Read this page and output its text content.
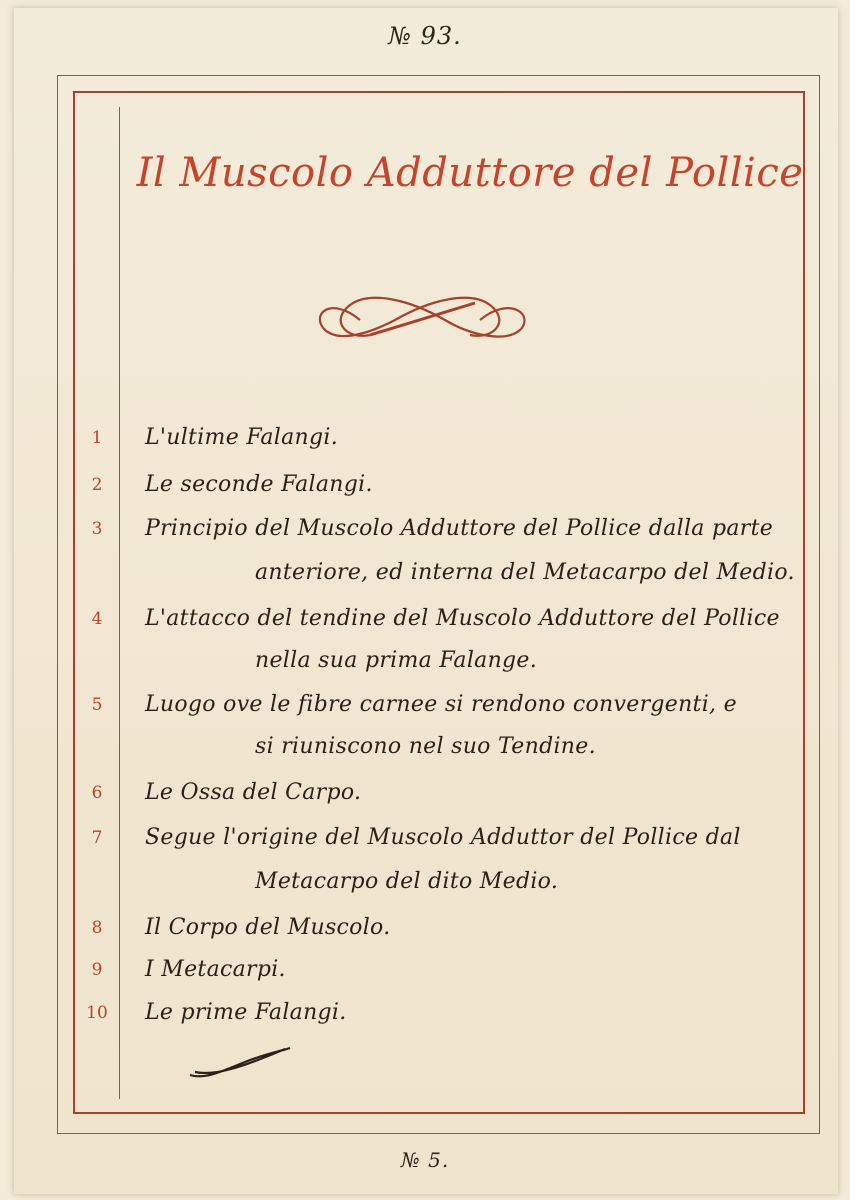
№ 93.
Il Muscolo Adduttore del Pollice
1	L'ultime Falangi.
2	Le seconde Falangi.
3	Principio del Muscolo Adduttore del Pollice dalla parte
anteriore, ed interna del Metacarpo del Medio.
4	L'attacco del tendine del Muscolo Adduttore del Pollice
nella sua prima Falange.
5	Luogo ove le fibre carnee si rendono convergenti, e
si riuniscono nel suo Tendine.
6	Le Ossa del Carpo.
7	Segue l'origine del Muscolo Adduttor del Pollice dal
Metacarpo del dito Medio.
8	Il Corpo del Muscolo.
9	I Metacarpi.
10 Le prime Falangi.
№ 5.
